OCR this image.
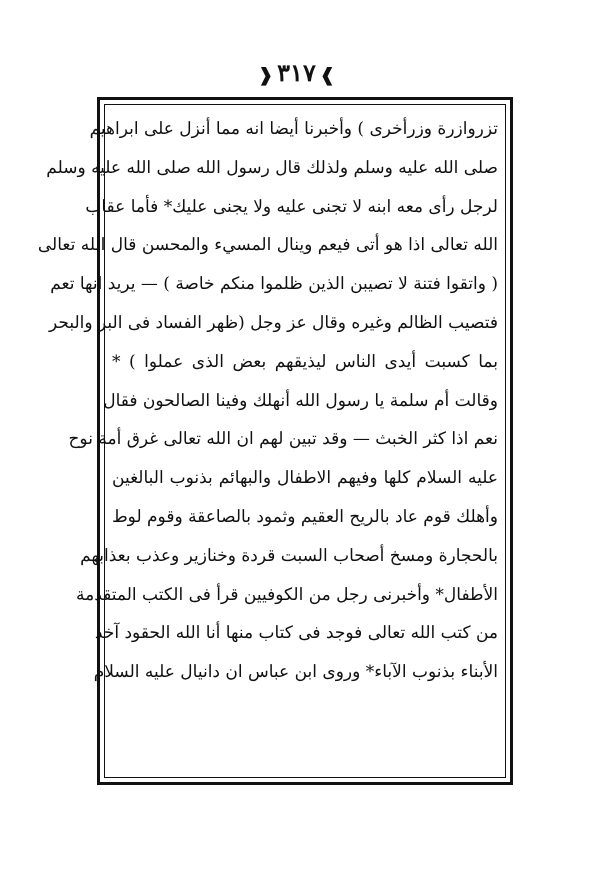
❱٣١٧❰
تزروازرة وزرأخرى ) وأخبرنا أيضا انه مما أنزل على ابراهيم
صلى الله عليه وسلم ولذلك قال رسول الله صلى الله عليه وسلم
لرجل رأى معه ابنه لا تجنى عليه ولا يجنى عليك* فأما عقاب
الله تعالى اذا هو أتى فيعم وينال المسيء والمحسن قال الله تعالى
( واتقوا فتنة لا تصيبن الذين ظلموا منكم خاصة ) — يريد انها تعم
فتصيب الظالم وغيره وقال عز وجل (ظهر الفساد فى البر والبحر
بما كسبت أيدى الناس ليذيقهم بعض الذى عملوا ) *
وقالت أم سلمة يا رسول الله أنهلك وفينا الصالحون فقال
نعم اذا كثر الخبث — وقد تبين لهم ان الله تعالى غرق أمة نوح
عليه السلام كلها وفيهم الاطفال والبهائم بذنوب البالغين
وأهلك قوم عاد بالريح العقيم وثمود بالصاعقة وقوم لوط
بالحجارة ومسخ أصحاب السبت قردة وخنازير وعذب بعذابهم
الأطفال* وأخبرنى رجل من الكوفيين قرأ فى الكتب المتقدمة
من كتب الله تعالى فوجد فى كتاب منها أنا الله الحقود آخذ
الأبناء بذنوب الآباء* وروى ابن عباس ان دانيال عليه السلام
